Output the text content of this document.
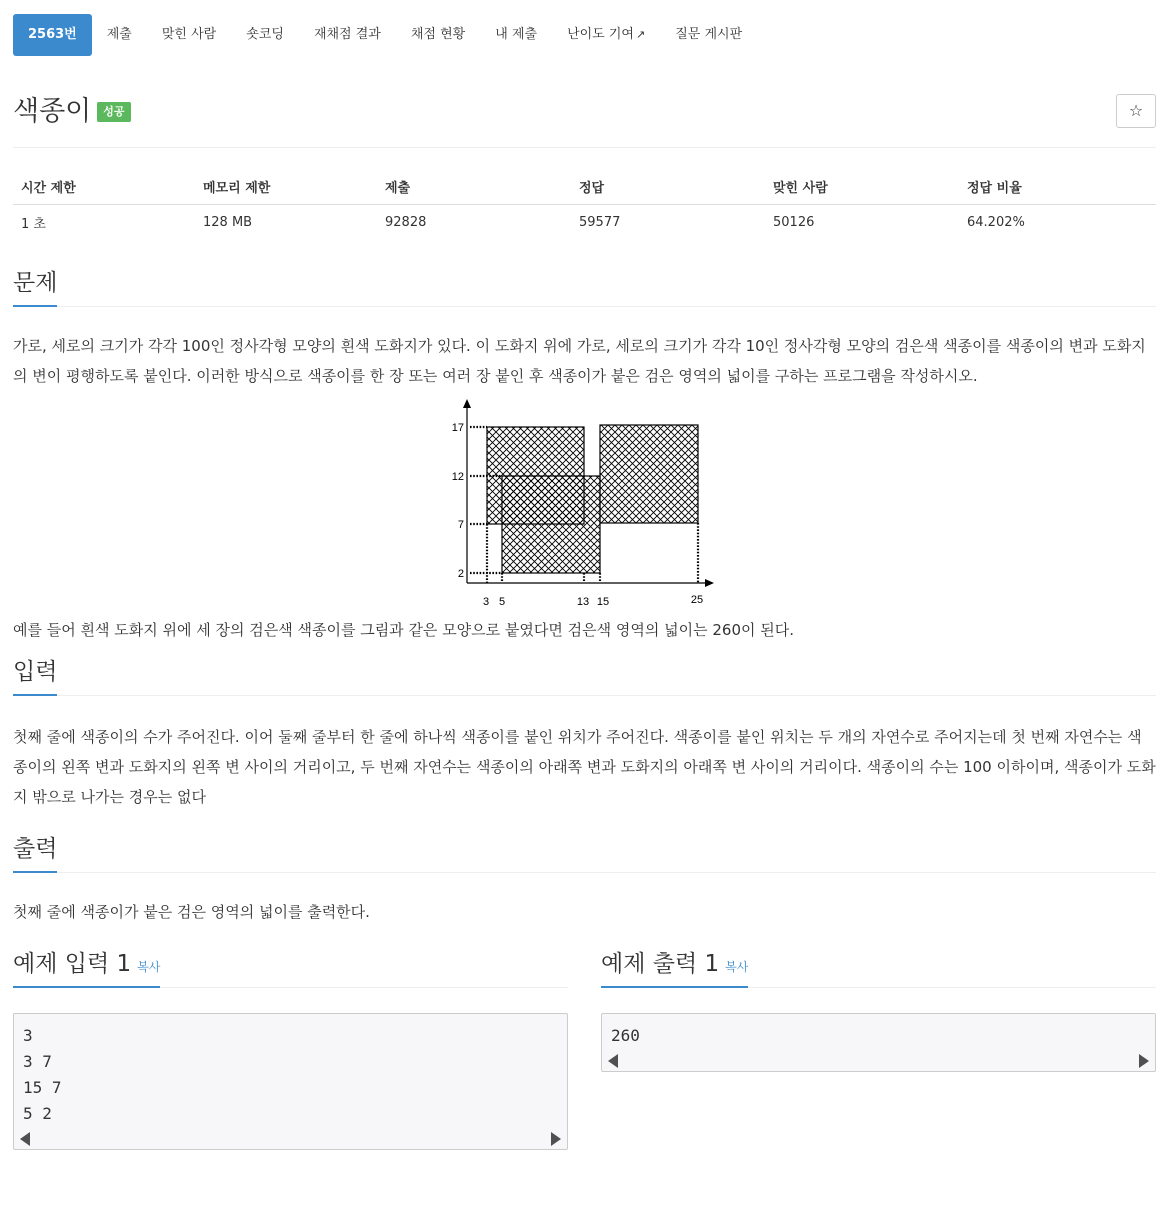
2563번	제출	맞힌 사람	숏코딩	재채점 결과	채점 현황	내 제출	난이도 기여 ↗	질문 게시판
색종이 성공	☆
시간 제한	메모리 제한	제출	정답	맞힌 사람	정답 비율
1 초	128 MB	92828	59577	50126	64.202%
문제

가로, 세로의 크기가 각각 100인 정사각형 모양의 흰색 도화지가 있다. 이 도화지 위에 가로, 세로의 크기가 각각 10인 정사각형 모양의 검은색 색종이를 색종이의 변과 도화지의 변이 평행하도록 붙인다. 이러한 방식으로 색종이를 한 장 또는 여러 장 붙인 후 색종이가 붙은 검은 영역의 넓이를 구하는 프로그램을 작성하시오.

17
12
7
2
3 5	13 15	25

예를 들어 흰색 도화지 위에 세 장의 검은색 색종이를 그림과 같은 모양으로 붙였다면 검은색 영역의 넓이는 260이 된다.

입력

첫째 줄에 색종이의 수가 주어진다. 이어 둘째 줄부터 한 줄에 하나씩 색종이를 붙인 위치가 주어진다. 색종이를 붙인 위치는 두 개의 자연수로 주어지는데 첫 번째 자연수는 색종이의 왼쪽 변과 도화지의 왼쪽 변 사이의 거리이고, 두 번째 자연수는 색종이의 아래쪽 변과 도화지의 아래쪽 변 사이의 거리이다. 색종이의 수는 100 이하이며, 색종이가 도화지 밖으로 나가는 경우는 없다

출력

첫째 줄에 색종이가 붙은 검은 영역의 넓이를 출력한다.

예제 입력 1 복사
3
3 7
15 7
5 2
예제 출력 1 복사
260
